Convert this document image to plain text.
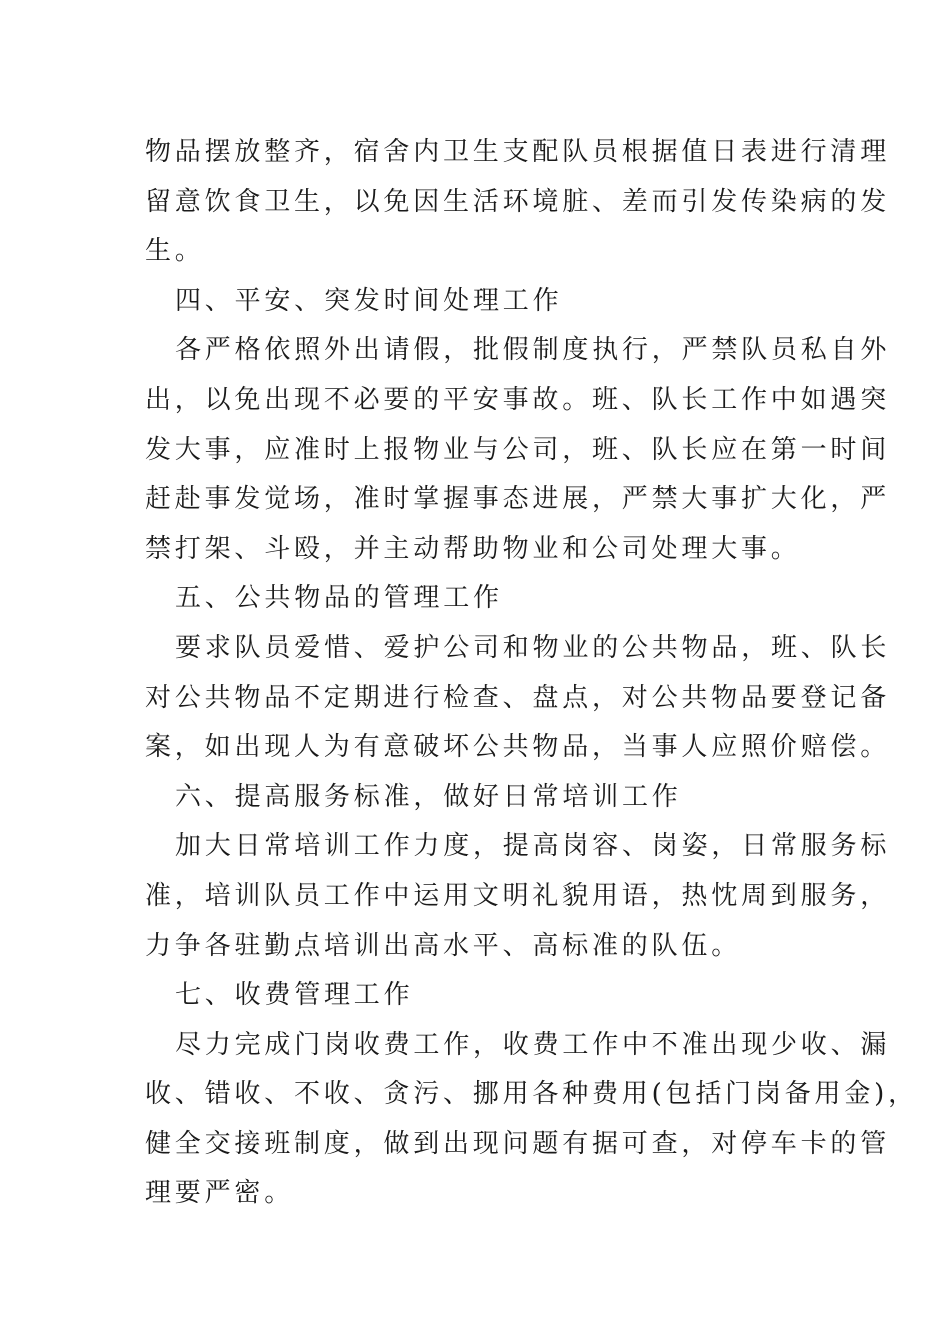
物品摆放整齐，宿舍内卫生支配队员根据值日表进行清理
留意饮食卫生，以免因生活环境脏、差而引发传染病的发
生。
四、平安、突发时间处理工作
各严格依照外出请假，批假制度执行，严禁队员私自外
出，以免出现不必要的平安事故。班、队长工作中如遇突
发大事，应准时上报物业与公司，班、队长应在第一时间
赶赴事发觉场，准时掌握事态进展，严禁大事扩大化，严
禁打架、斗殴，并主动帮助物业和公司处理大事。
五、公共物品的管理工作
要求队员爱惜、爱护公司和物业的公共物品，班、队长
对公共物品不定期进行检查、盘点，对公共物品要登记备
案，如出现人为有意破坏公共物品，当事人应照价赔偿。
六、提高服务标准，做好日常培训工作
加大日常培训工作力度，提高岗容、岗姿，日常服务标
准，培训队员工作中运用文明礼貌用语，热忱周到服务，
力争各驻勤点培训出高水平、高标准的队伍。
七、收费管理工作
尽力完成门岗收费工作，收费工作中不准出现少收、漏
收、错收、不收、贪污、挪用各种费用(包括门岗备用金)，
健全交接班制度，做到出现问题有据可查，对停车卡的管
理要严密。
